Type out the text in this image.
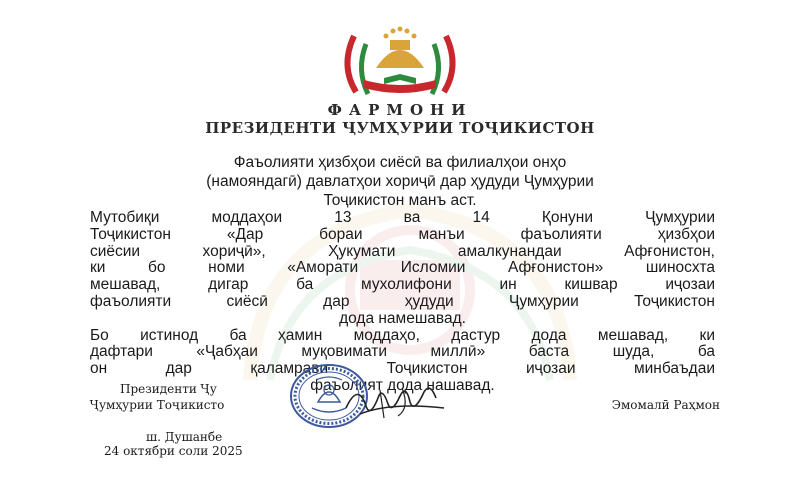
ФАРМОНИ
ПРЕЗИДЕНТИ ҶУМҲУРИИ ТОҶИКИСТОН
Фаъолияти ҳизбҳои сиёсӣ ва филиалҳои онҳо
(намояндагӣ) давлатҳои хориҷӣ дар ҳудуди Ҷумҳурии
Тоҷикистон манъ аст.
Мутобиқи моддаҳои 13 ва 14 Қонуни Ҷумҳурии
Тоҷикистон «Дар бораи манъи фаъолияти ҳизбҳои
сиёсии хориҷӣ», Ҳукумати амалкунандаи Афғонистон,
ки бо номи «Аморати Исломии Афғонистон» шиносхта
мешавад, дигар ба мухолифони ин кишвар иҷозаи
фаъолияти сиёсӣ дар ҳудуди Ҷумҳурии Тоҷикистон
дода намешавад.
Бо истинод ба ҳамин моддаҳо, дастур дода мешавад, ки
дафтари «Ҷабҳаи муқовимати миллӣ» баста шуда, ба
он дар қаламрави Тоҷикистон иҷозаи минбаъдаи
фаъолият дода нашавад.
Президенти Ҷу
Ҷумҳурии Тоҷикисто	Эмомалӣ Раҳмон
ш. Душанбе
24 октябри соли 2025
